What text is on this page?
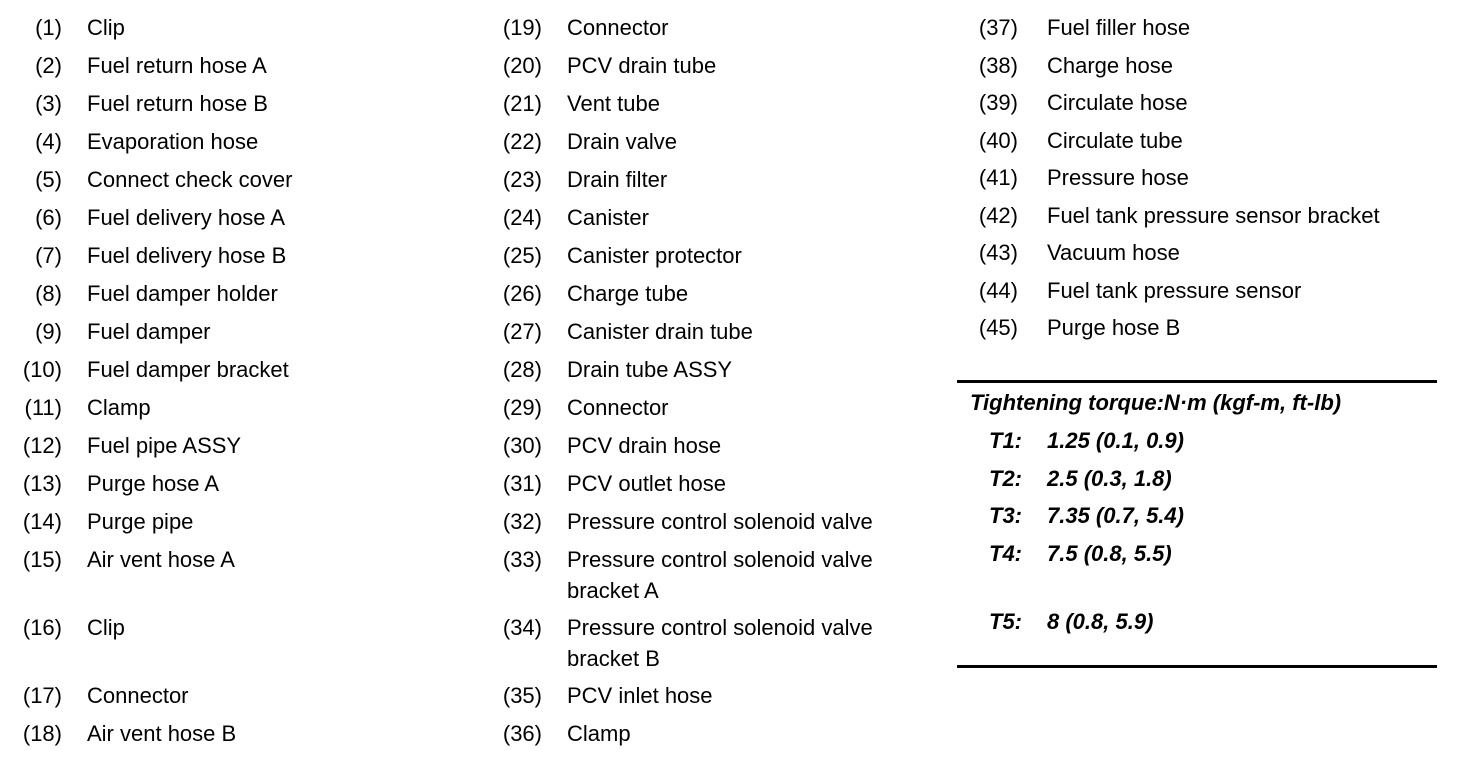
(1) Clip
(2) Fuel return hose A
(3) Fuel return hose B
(4) Evaporation hose
(5) Connect check cover
(6) Fuel delivery hose A
(7) Fuel delivery hose B
(8) Fuel damper holder
(9) Fuel damper
(10) Fuel damper bracket
(11) Clamp
(12) Fuel pipe ASSY
(13) Purge hose A
(14) Purge pipe
(15) Air vent hose A
(16) Clip
(17) Connector
(18) Air vent hose B
(19) Connector
(20) PCV drain tube
(21) Vent tube
(22) Drain valve
(23) Drain filter
(24) Canister
(25) Canister protector
(26) Charge tube
(27) Canister drain tube
(28) Drain tube ASSY
(29) Connector
(30) PCV drain hose
(31) PCV outlet hose
(32) Pressure control solenoid valve
(33) Pressure control solenoid valve
bracket A
(34) Pressure control solenoid valve
bracket B
(35) PCV inlet hose
(36) Clamp
(37) Fuel filler hose
(38) Charge hose
(39) Circulate hose
(40) Circulate tube
(41) Pressure hose
(42) Fuel tank pressure sensor bracket
(43) Vacuum hose
(44) Fuel tank pressure sensor
(45) Purge hose B
Tightening torque:N·m (kgf-m, ft-lb)
T1:	1.25 (0.1, 0.9)
T2:	2.5 (0.3, 1.8)
T3:	7.35 (0.7, 5.4)
T4:	7.5 (0.8, 5.5)
T5:	8 (0.8, 5.9)
